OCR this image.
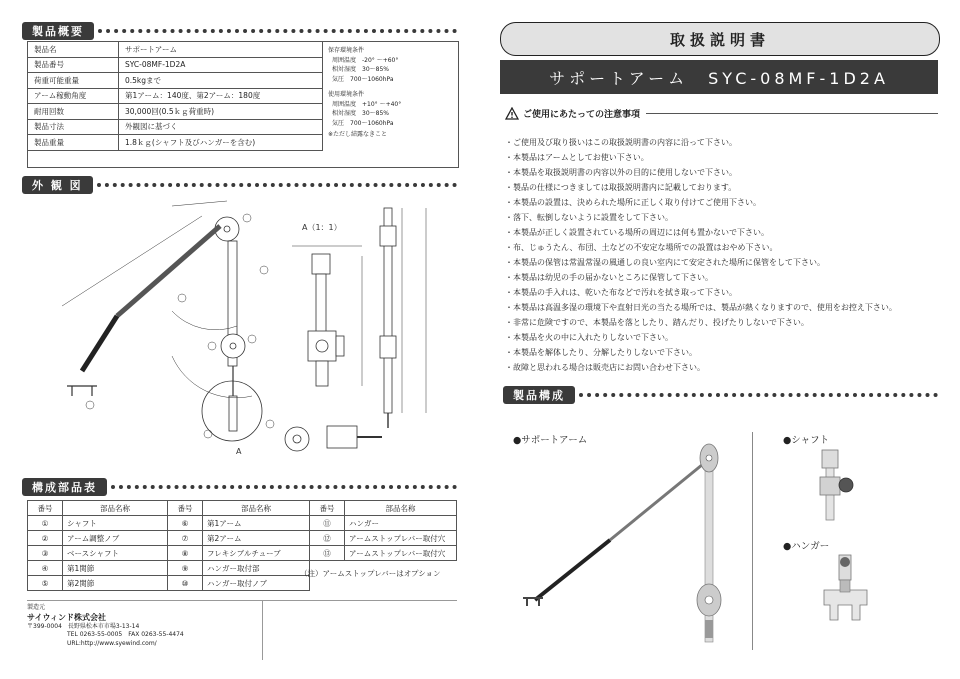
製品概要
製品名	サポートアーム
製品番号	SYC-08MF-1D2A
荷重可能重量	0.5kgまで
アーム稼動角度	第1アーム：140度、第2アーム：180度
耐用回数	30,000回(0.5ｋｇ荷重時)
製品寸法	外観図に基づく
製品重量	1.8ｋｇ(シャフト及びハンガーを含む)
保存環境条件
周囲温度　-20° ～+60°
相対湿度　30～85%
気圧　700～1060hPa
使用環境条件
周囲温度　+10° ～+40°
相対湿度　30～85%
気圧　700～1060hPa
※ただし結露なきこと
外 観 図
A（1：1）
A
構成部品表
番号	部品名称	番号	部品名称	番号	部品名称
①	シャフト	⑥	第1アーム	⑪	ハンガー
②	アーム調整ノブ	⑦	第2アーム	⑫	アームストップレバー取付穴
③	ベースシャフト	⑧	フレキシブルチューブ	⑬	アームストップレバー取付穴
④	第1関節	⑨	ハンガー取付部		
⑤	第2関節	⑩	ハンガー取付ノブ		
（注）アームストップレバーはオプション
製造元
サイウィンド株式会社
〒399-0004　長野県松本市市場3-13-14
TEL 0263-55-0005　FAX 0263-55-4474
URL:http://www.syewind.com/
取扱説明書
サポートアーム　SYC-08MF-1D2A
ご使用にあたっての注意事項
・ご使用及び取り扱いはこの取扱説明書の内容に沿って下さい。
・本製品はアームとしてお使い下さい。
・本製品を取扱説明書の内容以外の目的に使用しないで下さい。
・製品の仕様につきましては取扱説明書内に記載しております。
・本製品の設置は、決められた場所に正しく取り付けてご使用下さい。
・落下、転倒しないように設置をして下さい。
・本製品が正しく設置されている場所の周辺には何も置かないで下さい。
・布、じゅうたん、布団、土などの不安定な場所での設置はおやめ下さい。
・本製品の保管は常温常湿の風通しの良い室内にて安定された場所に保管をして下さい。
・本製品は幼児の手の届かないところに保管して下さい。
・本製品の手入れは、乾いた布などで汚れを拭き取って下さい。
・本製品は高温多湿の環境下や直射日光の当たる場所では、製品が熱くなりますので、使用をお控え下さい。
・非常に危険ですので、本製品を落としたり、踏んだり、投げたりしないで下さい。
・本製品を火の中に入れたりしないで下さい。
・本製品を解体したり、分解したりしないで下さい。
・故障と思われる場合は販売店にお問い合わせ下さい。
製品構成
●サポートアーム	●シャフト
●ハンガー
